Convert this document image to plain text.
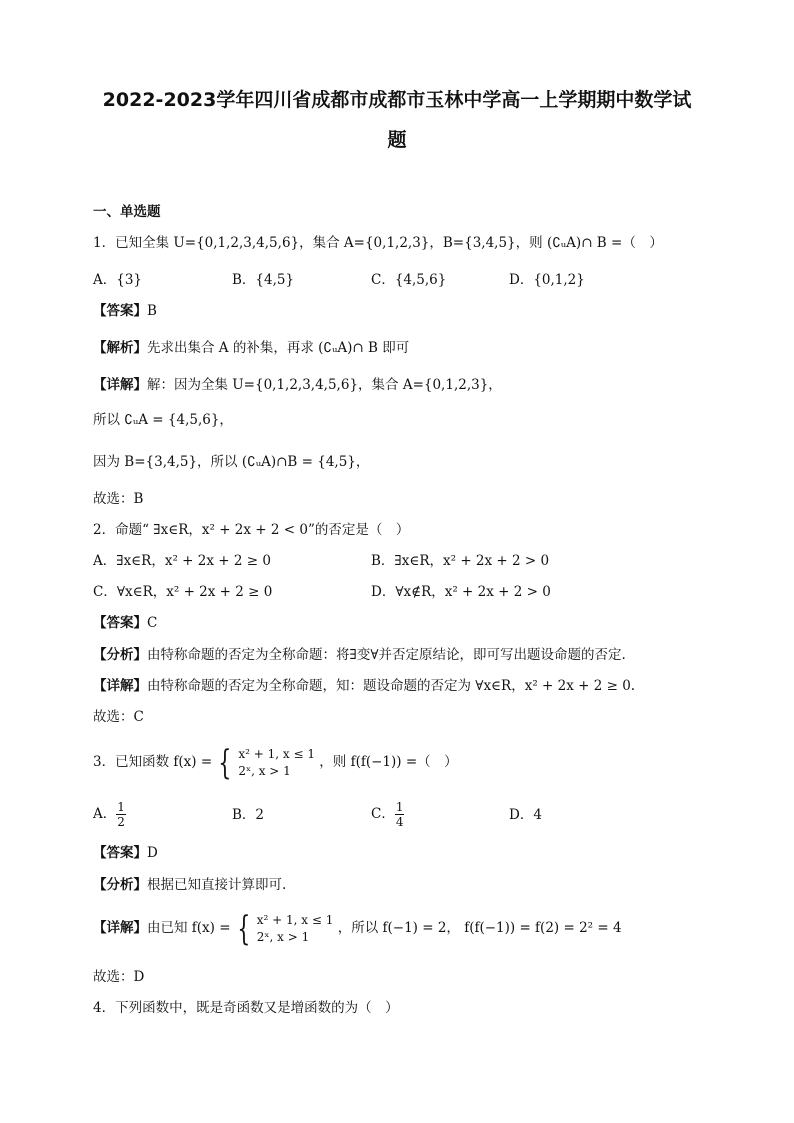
2022-2023学年四川省成都市成都市玉林中学高一上学期期中数学试
题
一、单选题
1．已知全集 U={0,1,2,3,4,5,6}，集合 A={0,1,2,3}，B={3,4,5}，则 (∁ᵤA)∩ B =（　）
A．{3}	B．{4,5}	C．{4,5,6}	D．{0,1,2}
【答案】B
【解析】先求出集合 A 的补集，再求 (∁ᵤA)∩ B 即可
【详解】解：因为全集 U={0,1,2,3,4,5,6}，集合 A={0,1,2,3}，
所以 ∁ᵤA = {4,5,6}，
因为 B={3,4,5}，所以 (∁ᵤA)∩B = {4,5}，
故选：B
2．命题“ ∃x∈R，x² + 2x + 2 < 0”的否定是（　）
A．∃x∈R，x² + 2x + 2 ≥ 0	B．∃x∈R，x² + 2x + 2 > 0
C．∀x∈R，x² + 2x + 2 ≥ 0	D．∀x∉R，x² + 2x + 2 > 0
【答案】C
【分析】由特称命题的否定为全称命题：将∃变∀并否定原结论，即可写出题设命题的否定.
【详解】由特称命题的否定为全称命题，知：题设命题的否定为 ∀x∈R，x² + 2x + 2 ≥ 0.
故选：C
3．已知函数 f(x) = { x² + 1, x ≤ 1
2ˣ, x > 1
，则 f(f(−1)) =（　）
A． $\frac{1}{2}$	B．2	C． $\frac{1}{4}$	D．4
【答案】D
【分析】根据已知直接计算即可.
【详解】由已知 f(x) = { x² + 1, x ≤ 1
2ˣ, x > 1
，所以 f(−1) = 2， f(f(−1)) = f(2) = 2² = 4
故选：D
4．下列函数中，既是奇函数又是增函数的为（　）
